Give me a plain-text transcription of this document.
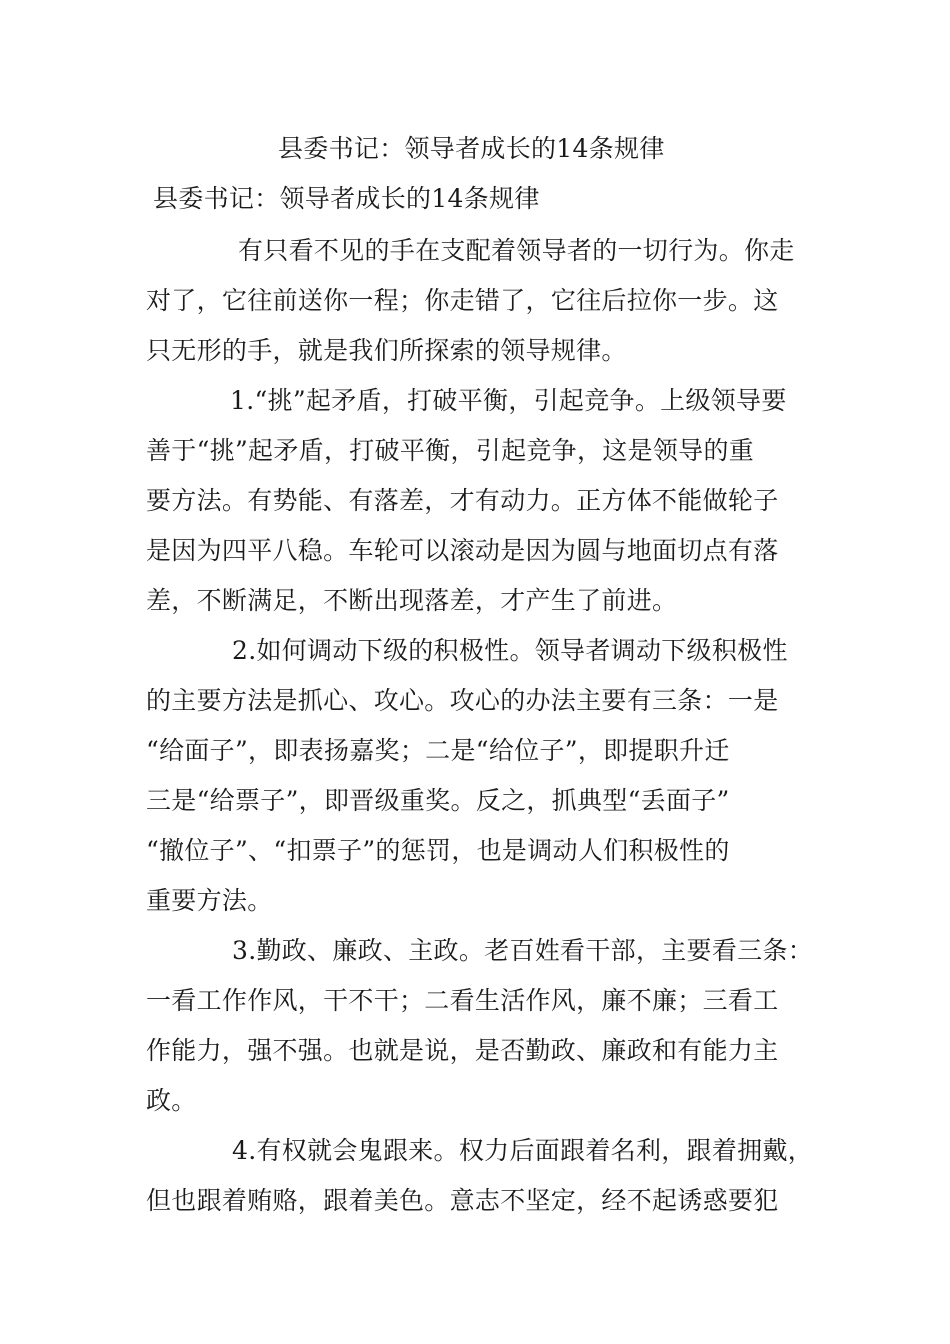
县委书记：领导者成长的14条规律
县委书记：领导者成长的14条规律
有只看不见的手在支配着领导者的一切行为。你走
对了，它往前送你一程；你走错了，它往后拉你一步。这
只无形的手，就是我们所探索的领导规律。
1.“挑”起矛盾，打破平衡，引起竞争。上级领导要
善于“挑”起矛盾，打破平衡，引起竞争，这是领导的重
要方法。有势能、有落差，才有动力。正方体不能做轮子
是因为四平八稳。车轮可以滚动是因为圆与地面切点有落
差，不断满足，不断出现落差，才产生了前进。
2.如何调动下级的积极性。领导者调动下级积极性
的主要方法是抓心、攻心。攻心的办法主要有三条：一是
“给面子”，即表扬嘉奖；二是“给位子”，即提职升迁
三是“给票子”，即晋级重奖。反之，抓典型“丢面子”
“撤位子”、“扣票子”的惩罚，也是调动人们积极性的
重要方法。
3.勤政、廉政、主政。老百姓看干部，主要看三条：
一看工作作风，干不干；二看生活作风，廉不廉；三看工
作能力，强不强。也就是说，是否勤政、廉政和有能力主
政。
4.有权就会鬼跟来。权力后面跟着名利，跟着拥戴，
但也跟着贿赂，跟着美色。意志不坚定，经不起诱惑要犯
